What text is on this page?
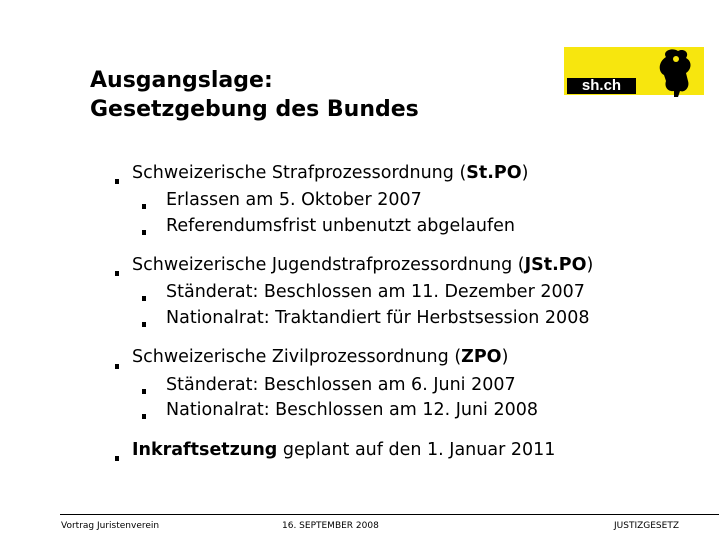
Ausgangslage:
Gesetzgebung des Bundes
sh.ch
Schweizerische Strafprozessordnung (St.PO)
Erlassen am 5. Oktober 2007
Referendumsfrist unbenutzt abgelaufen
Schweizerische Jugendstrafprozessordnung (JSt.PO)
Ständerat: Beschlossen am 11. Dezember 2007
Nationalrat: Traktandiert für Herbstsession 2008
Schweizerische Zivilprozessordnung (ZPO)
Ständerat: Beschlossen am 6. Juni 2007
Nationalrat: Beschlossen am 12. Juni 2008
Inkraftsetzung geplant auf den 1. Januar 2011
Vortrag Juristenverein	16. SEPTEMBER 2008	JUSTIZGESETZ
